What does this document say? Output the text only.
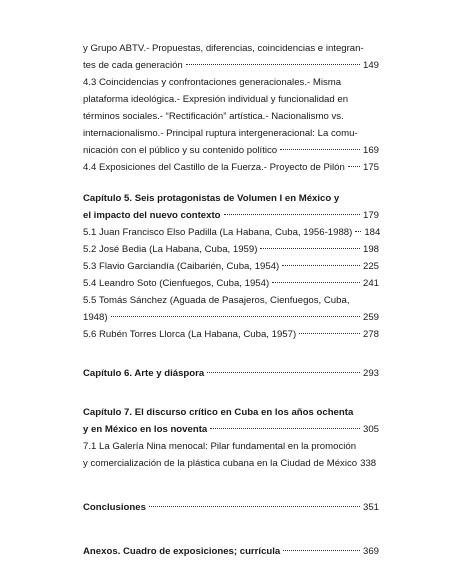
y Grupo ABTV.- Propuestas, diferencias, coincidencias e integran-
tes de cada generación	149
4.3 Coincidencias y confrontaciones generacionales.- Misma
plataforma ideológica.- Expresión individual y funcionalidad en
términos sociales.- “Rectificación” artística.- Nacionalismo vs.
internacionalismo.- Principal ruptura intergeneracional: La comu-
nicación con el público y su contenido político	169
4.4 Exposiciones del Castillo de la Fuerza.- Proyecto de Pilón 175
Capítulo 5. Seis protagonistas de Volumen I en México y
el impacto del nuevo contexto	179
5.1 Juan Francisco Elso Padilla (La Habana, Cuba, 1956-1988) 184
5.2 José Bedia (La Habana, Cuba, 1959)	198
5.3 Flavio Garciandía (Caibarién, Cuba, 1954)	225
5.4 Leandro Soto (Cienfuegos, Cuba, 1954)	241
5.5 Tomás Sánchez (Aguada de Pasajeros, Cienfuegos, Cuba,
1948)	259
5.6 Rubén Torres Llorca (La Habana, Cuba, 1957)	278
Capítulo 6. Arte y diáspora	293
Capítulo 7. El discurso crítico en Cuba en los años ochenta
y en México en los noventa	305
7.1 La Galería Nina menocal: Pilar fundamental en la promoción
y comercialización de la plástica cubana en la Ciudad de México 338
Conclusiones	351
Anexos. Cuadro de exposiciones; currícula	369
